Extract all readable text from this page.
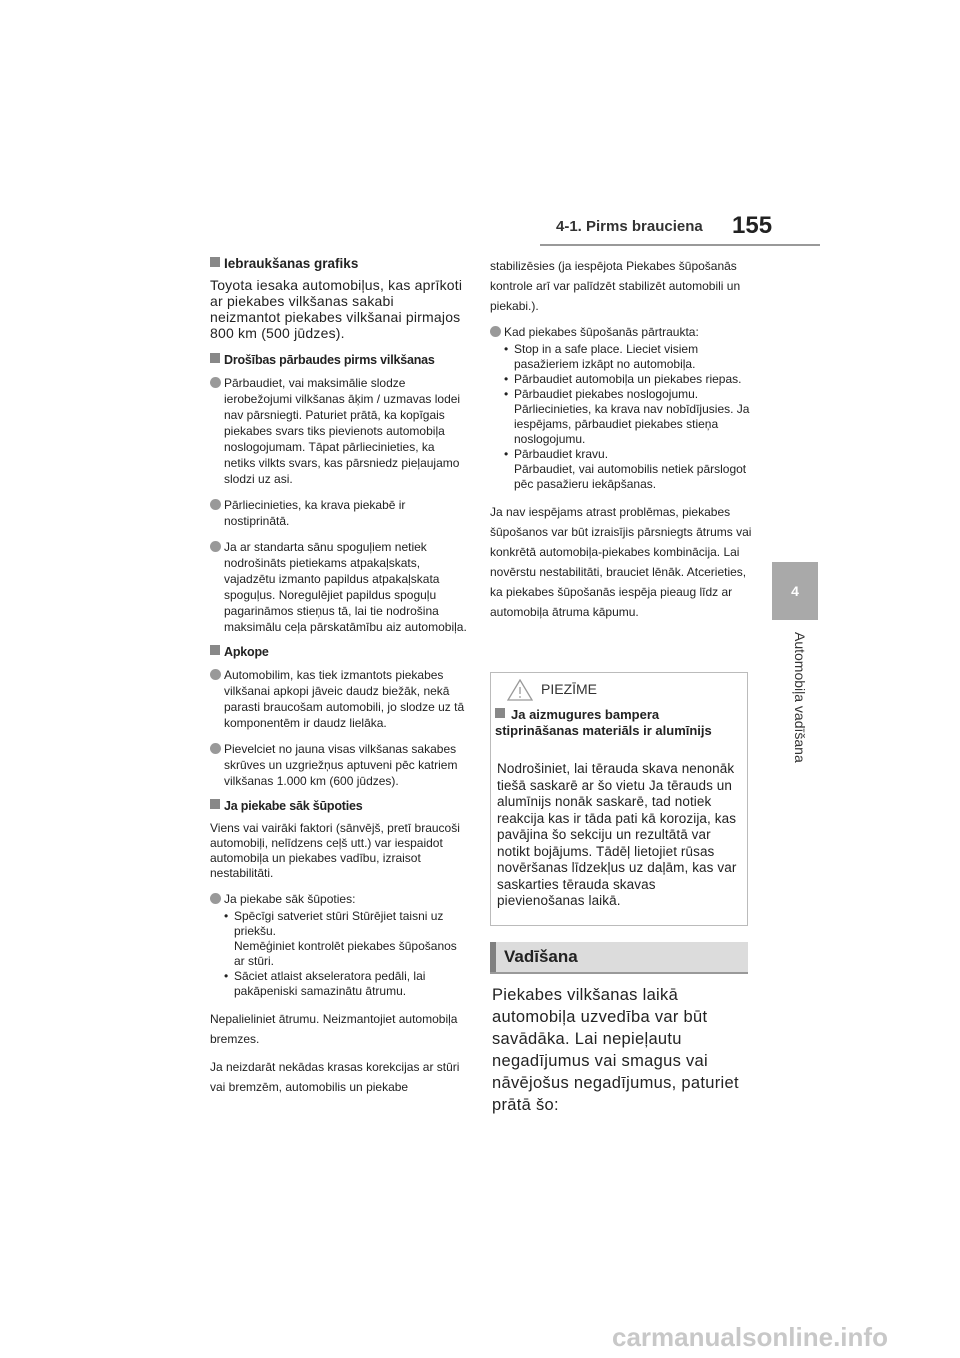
4-1. Pirms brauciena 155
4
Automobiļa vadīšana

Iebraukšanas grafiks

Toyota iesaka automobiļus, kas aprīkoti ar piekabes vilkšanas sakabi neizmantot piekabes vilkšanai pirmajos 800 km (500 jūdzes).

Drošības pārbaudes pirms vilkšanas

Pārbaudiet, vai maksimālie slodze ierobežojumi vilkšanas āķim / uzmavas lodei nav pārsniegti. Paturiet prātā, ka kopīgais piekabes svars tiks pievienots automobiļa noslogojumam. Tāpat pārliecinieties, ka netiks vilkts svars, kas pārsniedz pieļaujamo slodzi uz asi.

Pārliecinieties, ka krava piekabē ir nostiprinātā.

Ja ar standarta sānu spoguļiem netiek nodrošināts pietiekams atpakaļskats, vajadzētu izmanto papildus atpakaļskata spoguļus. Noregulējiet papildus spoguļu pagarināmos stieņus tā, lai tie nodrošina maksimālu ceļa pārskatāmību aiz automobiļa.

Apkope

Automobilim, kas tiek izmantots piekabes vilkšanai apkopi jāveic daudz biežāk, nekā parasti braucošam automobili, jo slodze uz tā komponentēm ir daudz lielāka.

Pievelciet no jauna visas vilkšanas sakabes skrūves un uzgriežņus aptuveni pēc katriem vilkšanas 1.000 km (600 jūdzes).

Ja piekabe sāk šūpoties

Viens vai vairāki faktori (sānvējš, pretī braucoši automobiļi, nelīdzens ceļš utt.) var iespaidot automobiļa un piekabes vadību, izraisot nestabilitāti.

Ja piekabe sāk šūpoties:

• Spēcīgi satveriet stūri Stūrējiet taisni uz priekšu.

Nemēģiniet kontrolēt piekabes šūpošanos ar stūri.

• Sāciet atlaist akseleratora pedāli, lai pakāpeniski samazinātu ātrumu.

Nepalieliniet ātrumu. Neizmantojiet automobiļa bremzes.

Ja neizdarāt nekādas krasas korekcijas ar stūri vai bremzēm, automobilis un piekabe

stabilizēsies (ja iespējota Piekabes šūpošanās kontrole arī var palīdzēt stabilizēt automobili un piekabi.).

Kad piekabes šūpošanās pārtraukta:

• Stop in a safe place. Lieciet visiem pasažieriem izkāpt no automobiļa.

• Pārbaudiet automobiļa un piekabes riepas.

• Pārbaudiet piekabes noslogojumu.

Pārliecinieties, ka krava nav nobīdījusies. Ja iespējams, pārbaudiet piekabes stieņa noslogojumu.

• Pārbaudiet kravu.

Pārbaudiet, vai automobilis netiek pārslogot pēc pasažieru iekāpšanas.

Ja nav iespējams atrast problēmas, piekabes šūpošanos var būt izraisījis pārsniegts ātrums vai konkrētā automobiļa-piekabes kombinācija. Lai novērstu nestabilitāti, brauciet lēnāk. Atcerieties, ka piekabes šūpošanās iespēja pieaug līdz ar automobiļa ātruma kāpumu.

PIEZĪME
Ja aizmugures bampera stiprināšanas materiāls ir alumīnijs
Nodrošiniet, lai tērauda skava nenonāk tiešā saskarē ar šo vietu Ja tērauds un alumīnijs nonāk saskarē, tad notiek reakcija kas ir tāda pati kā korozija, kas pavājina šo sekciju un rezultātā var notikt bojājums. Tādēļ lietojiet rūsas novēršanas līdzekļus uz daļām, kas var saskarties tērauda skavas pievienošanas laikā.
Vadīšana
Piekabes vilkšanas laikā automobiļa uzvedība var būt savādāka. Lai nepieļautu negadījumus vai smagus vai nāvējošus negadījumus, paturiet prātā šo:
carmanualsonline.info
